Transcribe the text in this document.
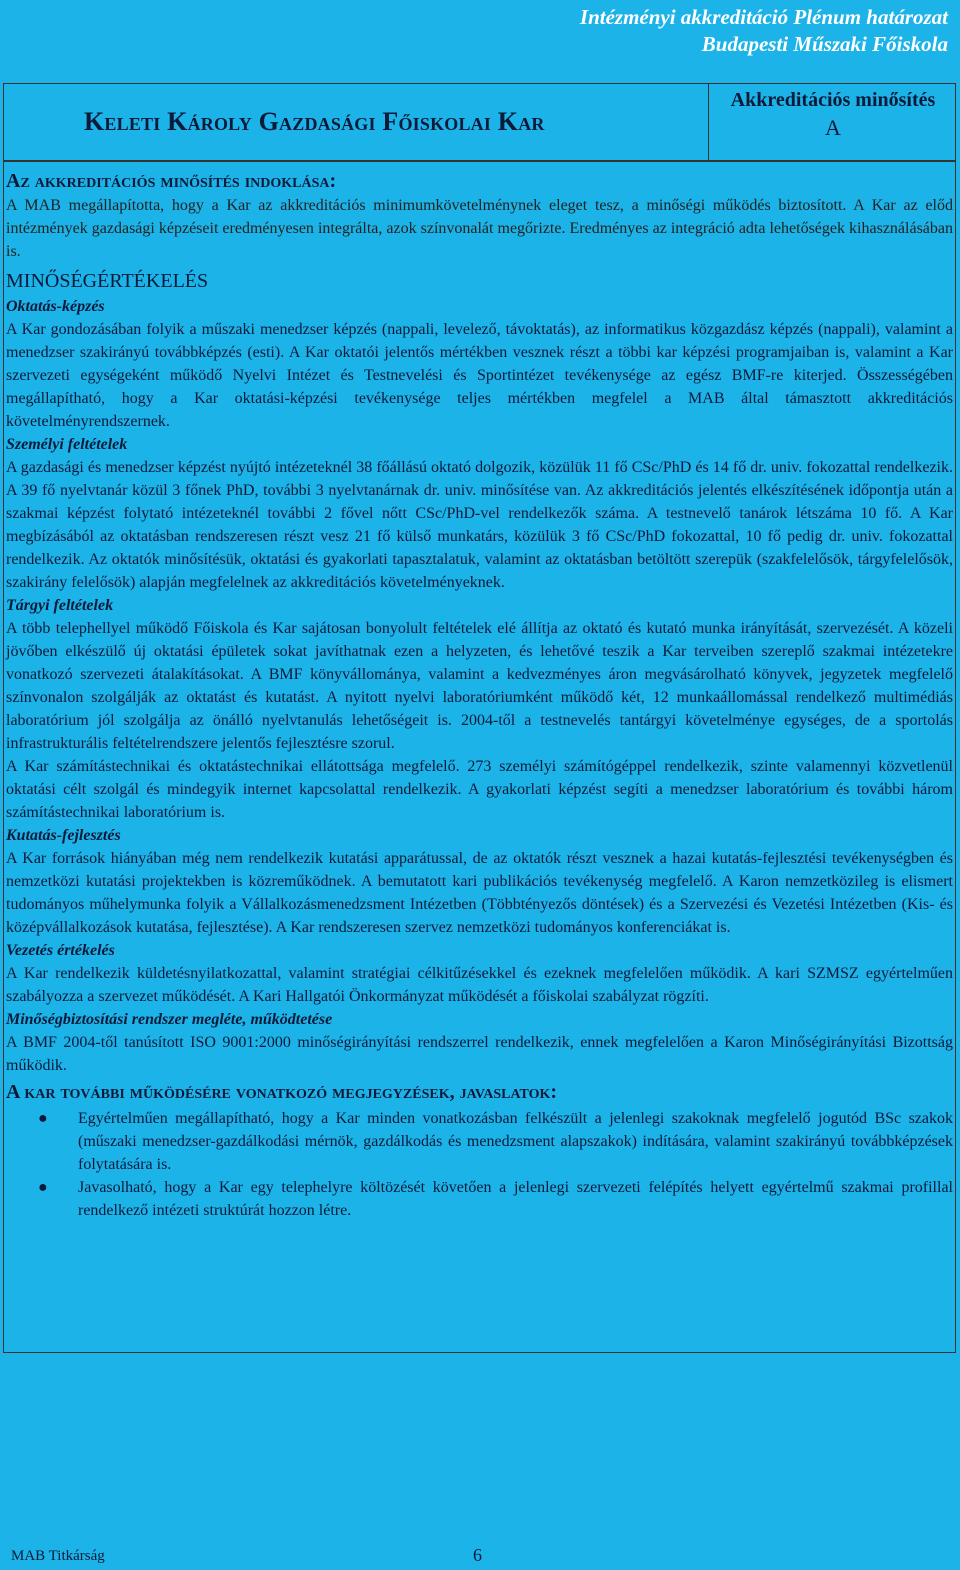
Intézményi akkreditáció Plénum határozat
Budapesti Műszaki Főiskola
Keleti Károly Gazdasági Főiskolai Kar
Akkreditációs minősítés
A
Az akkreditációs minősítés indoklása:

A MAB megállapította, hogy a Kar az akkreditációs minimumkövetelménynek eleget tesz, a minőségi működés biztosított. A Kar az előd intézmények gazdasági képzéseit eredményesen integrálta, azok színvonalát megőrizte. Eredményes az integráció adta lehetőségek kihasználásában is.

MINŐSÉGÉRTÉKELÉS
Oktatás-képzés

A Kar gondozásában folyik a műszaki menedzser képzés (nappali, levelező, távoktatás), az informatikus közgazdász képzés (nappali), valamint a menedzser szakirányú továbbképzés (esti). A Kar oktatói jelentős mértékben vesznek részt a többi kar képzési programjaiban is, valamint a Kar szervezeti egységeként működő Nyelvi Intézet és Testnevelési és Sportintézet tevékenysége az egész BMF-re kiterjed. Összességében megállapítható, hogy a Kar oktatási-képzési tevékenysége teljes mértékben megfelel a MAB által támasztott akkreditációs követelményrendszernek.

Személyi feltételek

A gazdasági és menedzser képzést nyújtó intézeteknél 38 főállású oktató dolgozik, közülük 11 fő CSc/PhD és 14 fő dr. univ. fokozattal rendelkezik. A 39 fő nyelvtanár közül 3 főnek PhD, további 3 nyelvtanárnak dr. univ. minősítése van. Az akkreditációs jelentés elkészítésének időpontja után a szakmai képzést folytató intézeteknél további 2 fővel nőtt CSc/PhD-vel rendelkezők száma. A testnevelő tanárok létszáma 10 fő. A Kar megbízásából az oktatásban rendszeresen részt vesz 21 fő külső munkatárs, közülük 3 fő CSc/PhD fokozattal, 10 fő pedig dr. univ. fokozattal rendelkezik. Az oktatók minősítésük, oktatási és gyakorlati tapasztalatuk, valamint az oktatásban betöltött szerepük (szakfelelősök, tárgyfelelősök, szakirány felelősök) alapján megfelelnek az akkreditációs követelményeknek.

Tárgyi feltételek

A több telephellyel működő Főiskola és Kar sajátosan bonyolult feltételek elé állítja az oktató és kutató munka irányítását, szervezését. A közeli jövőben elkészülő új oktatási épületek sokat javíthatnak ezen a helyzeten, és lehetővé teszik a Kar terveiben szereplő szakmai intézetekre vonatkozó szervezeti átalakításokat. A BMF könyvállománya, valamint a kedvezményes áron megvásárolható könyvek, jegyzetek megfelelő színvonalon szolgálják az oktatást és kutatást. A nyitott nyelvi laboratóriumként működő két, 12 munkaállomással rendelkező multimédiás laboratórium jól szolgálja az önálló nyelvtanulás lehetőségeit is. 2004-től a testnevelés tantárgyi követelménye egységes, de a sportolás infrastrukturális feltételrendszere jelentős fejlesztésre szorul.

A Kar számítástechnikai és oktatástechnikai ellátottsága megfelelő. 273 személyi számítógéppel rendelkezik, szinte valamennyi közvetlenül oktatási célt szolgál és mindegyik internet kapcsolattal rendelkezik. A gyakorlati képzést segíti a menedzser laboratórium és további három számítástechnikai laboratórium is.

Kutatás-fejlesztés

A Kar források hiányában még nem rendelkezik kutatási apparátussal, de az oktatók részt vesznek a hazai kutatás-fejlesztési tevékenységben és nemzetközi kutatási projektekben is közreműködnek. A bemutatott kari publikációs tevékenység megfelelő. A Karon nemzetközileg is elismert tudományos műhelymunka folyik a Vállalkozásmenedzsment Intézetben (Többtényezős döntések) és a Szervezési és Vezetési Intézetben (Kis- és középvállalkozások kutatása, fejlesztése). A Kar rendszeresen szervez nemzetközi tudományos konferenciákat is.

Vezetés értékelés

A Kar rendelkezik küldetésnyilatkozattal, valamint stratégiai célkitűzésekkel és ezeknek megfelelően működik. A kari SZMSZ egyértelműen szabályozza a szervezet működését. A Kari Hallgatói Önkormányzat működését a főiskolai szabályzat rögzíti.

Minőségbiztosítási rendszer megléte, működtetése

A BMF 2004-től tanúsított ISO 9001:2000 minőségirányítási rendszerrel rendelkezik, ennek megfelelően a Karon Minőségirányítási Bizottság működik.

A kar további működésére vonatkozó megjegyzések, javaslatok:
● Egyértelműen megállapítható, hogy a Kar minden vonatkozásban felkészült a jelenlegi szakoknak megfelelő jogutód BSc szakok (műszaki menedzser-gazdálkodási mérnök, gazdálkodás és menedzsment alapszakok) indítására, valamint szakirányú továbbképzések folytatására is.
● Javasolható, hogy a Kar egy telephelyre költözését követően a jelenlegi szervezeti felépítés helyett egyértelmű szakmai profillal rendelkező intézeti struktúrát hozzon létre.
MAB Titkárság	6
